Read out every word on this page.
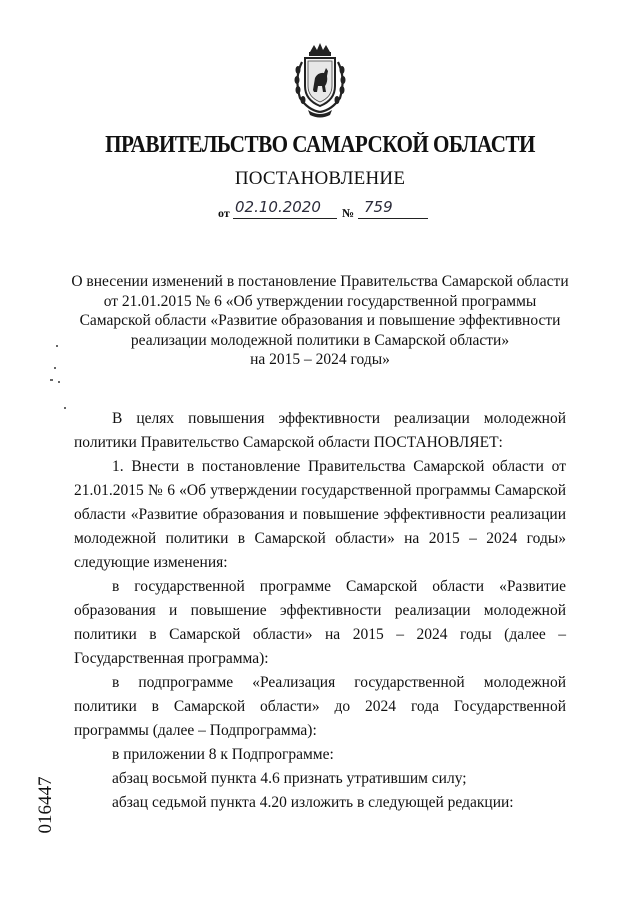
ПРАВИТЕЛЬСТВО САМАРСКОЙ ОБЛАСТИ
ПОСТАНОВЛЕНИЕ
от 02.10.2020 № 759
О внесении изменений в постановление Правительства Самарской области
от 21.01.2015 № 6 «Об утверждении государственной программы
Самарской области «Развитие образования и повышение эффективности
реализации молодежной политики в Самарской области»
на 2015 – 2024 годы»

В целях повышения эффективности реализации молодежной политики Правительство Самарской области ПОСТАНОВЛЯЕТ:

1. Внести в постановление Правительства Самарской области от 21.01.2015 № 6 «Об утверждении государственной программы Самарской области «Развитие образования и повышение эффективности реализации молодежной политики в Самарской области» на 2015 – 2024 годы» следующие изменения:

в государственной программе Самарской области «Развитие образования и повышение эффективности реализации молодежной политики в Самарской области» на 2015 – 2024 годы (далее – Государственная программа):

в подпрограмме «Реализация государственной молодежной политики в Самарской области» до 2024 года Государственной программы (далее – Подпрограмма):

в приложении 8 к Подпрограмме:

абзац восьмой пункта 4.6 признать утратившим силу;

абзац седьмой пункта 4.20 изложить в следующей редакции:

016447
